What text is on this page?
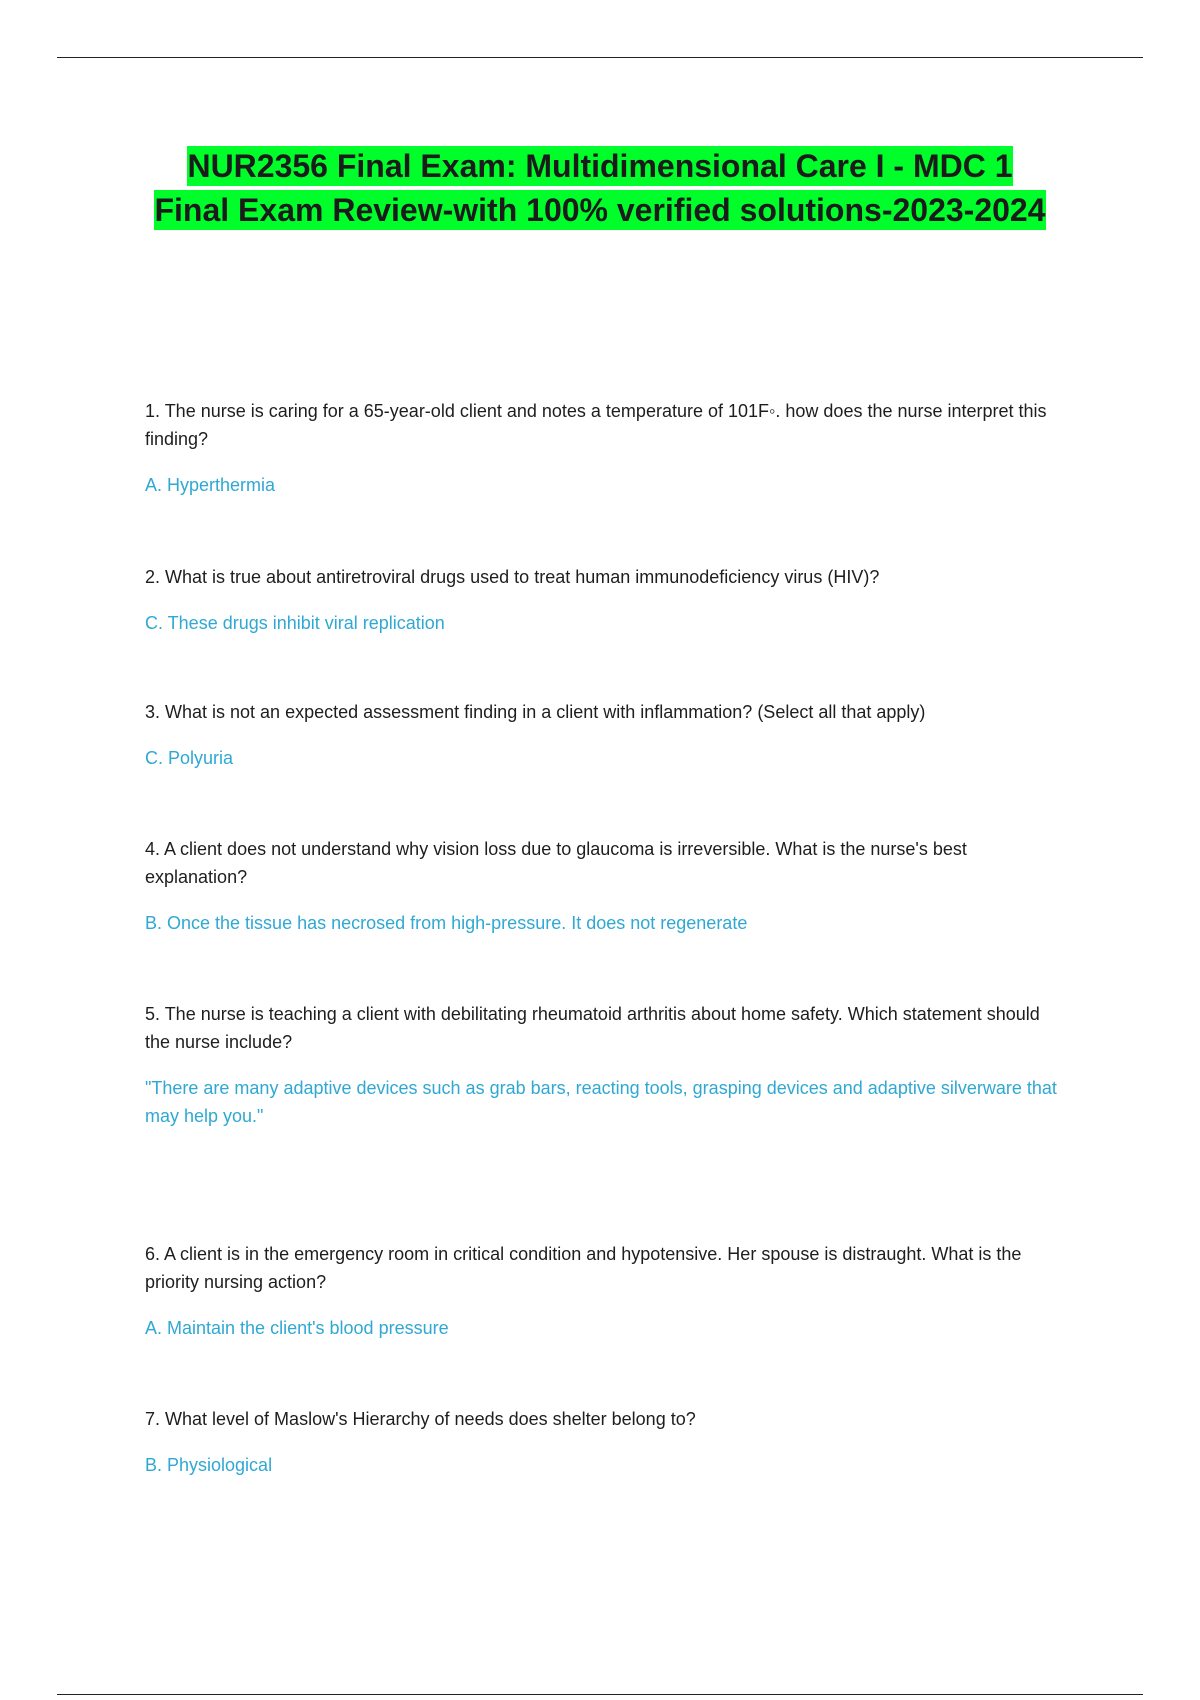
NUR2356 Final Exam: Multidimensional Care I - MDC 1 Final Exam Review-with 100% verified solutions-2023-2024

1. The nurse is caring for a 65-year-old client and notes a temperature of 101F◦. how does the nurse interpret this finding?

A. Hyperthermia

2. What is true about antiretroviral drugs used to treat human immunodeficiency virus (HIV)?

C. These drugs inhibit viral replication

3. What is not an expected assessment finding in a client with inflammation? (Select all that apply)

C. Polyuria

4. A client does not understand why vision loss due to glaucoma is irreversible. What is the nurse's best explanation?

B. Once the tissue has necrosed from high-pressure. It does not regenerate

5. The nurse is teaching a client with debilitating rheumatoid arthritis about home safety. Which statement should the nurse include?

"There are many adaptive devices such as grab bars, reacting tools, grasping devices and adaptive silverware that may help you."

6. A client is in the emergency room in critical condition and hypotensive. Her spouse is distraught. What is the priority nursing action?

A. Maintain the client's blood pressure

7. What level of Maslow's Hierarchy of needs does shelter belong to?

B. Physiological
